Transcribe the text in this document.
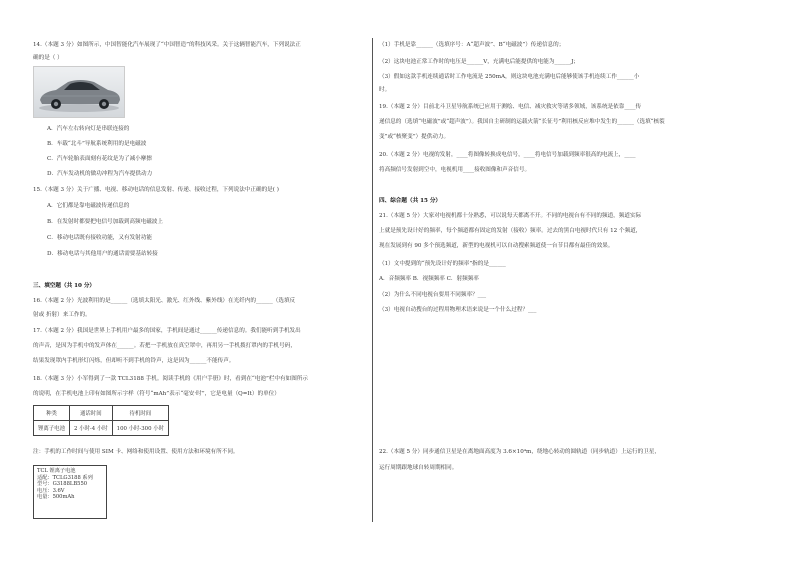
14.（本题 3 分）如图所示，中国智能化汽车展现了“中国智造”的科技风采。关于这辆智能汽车，下列说法正
确的是（ ）
A．汽车左右转向灯是串联连接的
B．车载“北斗”导航系统利用的是电磁波
C．汽车轮胎表面刻有花纹是为了减小摩擦
D．汽车发动机的做功冲程为汽车提供动力
15.（本题 3 分）关于广播、电视、移动电话的信息发射、传递、接收过程，下列说法中正确的是( )
A．它们都是靠电磁波传递信息的
B．在发射时都要把电信号加载到高频电磁波上
C．移动电话既有接收功能，又有发射功能
D．移动电话与其他用户的通话需要基站转接
三、填空题（共 10 分）
16.（本题 2 分）光波利用的是______（选填太阳光、激光、红外线、紫外线）在光纤内的______（选填反
射或 折射）来工作的。
17.（本题 2 分）我国是世界上手机用户最多的国家，手机间是通过______传递信息的。我们能听到手机发出
的声音，是因为手机中的发声体在______。若把一手机放在真空罩中，再用另一手机拨打罩内的手机号码，
结果发现罩内手机形灯闪烁，但却听不到手机的铃声，这是因为______不能传声。
18.（本题 3 分）小军得到了一款 TCL3188 手机。阅读手机的《用户手册》时，看到在“电池”栏中有如图所示
的说明，在手机电池上印有如图所示字样（符号“mAh”表示“毫安·时”，它是电量（Q=It）的单位）
种类	通话时间	待机时间
锂离子电池	2 小时-4 小时	100 小时-300 小时
注：手机的工作时间与使用 SIM 卡、网络和使用设置、使用方法和环境有所不同。
TCL 锂离子电池
适配：TCLG3188 系列
型号：G3188LB550
电压：3.6V
电量：500mAh
（1）手机是靠______（选填序号：A“超声波”、B“电磁波”）传递信息的；
（2）这块电池正常工作时的电压是______V，充满电后能提供的电能为______J；
（3）假如这款手机连续通话时工作电流是 250mA，则这块电池充满电后能够使该手机连续工作______小
时。
19.（本题 2 分）目前北斗卫星导航系统已应用于测绘、电信、减灾救灾等诸多领域，该系统是依靠____传
递信息的（选填“电磁波”或“超声波”）。我国自主研制的运载火箭“长征号”利用核反应堆中发生的______（选填“核裂
变”或“核聚变”）提供动力。
20.（本题 2 分）电视的发射，____将图像转换成电信号，____将电信号加载到频率很高的电流上，____
将高频信号发射到空中，电视机用____接收图像和声音信号。
四、综合题（共 15 分）
21.（本题 5 分）大家对电视机都十分熟悉，可以说每天都离不开。不同的电视台有不同的频道，频道实际
上就是预先设计好的频率，每个频道都有固定的发射（接收）频率。过去的黑白电视时代只有 12 个频道，
现在发展到有 90 多个预选频道，新型的电视机可以自动搜索频道使一台节目都有最佳的效果。
（1）文中提到的“预先设计好的频率”指的是______
A．音频频率 B．视频频率 C．射频频率
（2）为什么不同电视台要用不同频率？___
（3）电视自动搜台的过程用物理术语来说是一个什么过程？___
22.（本题 5 分）同步通信卫星是在离地面高度为 3.6×10⁴m，绕地心转动的圆轨道（同步轨道）上运行的卫星，
运行周期跟地球自转周期相同。
